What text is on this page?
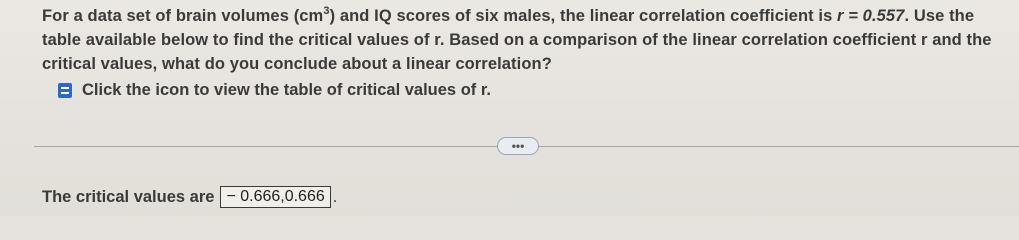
For a data set of brain volumes $(cm^3)$ and IQ scores of six males, the linear correlation coefficient is r = 0.557. Use the table available below to find the critical values of r. Based on a comparison of the linear correlation coefficient r and the critical values, what do you conclude about a linear correlation?
Click the icon to view the table of critical values of r.
•••
The critical values are − 0.666,0.666 .
